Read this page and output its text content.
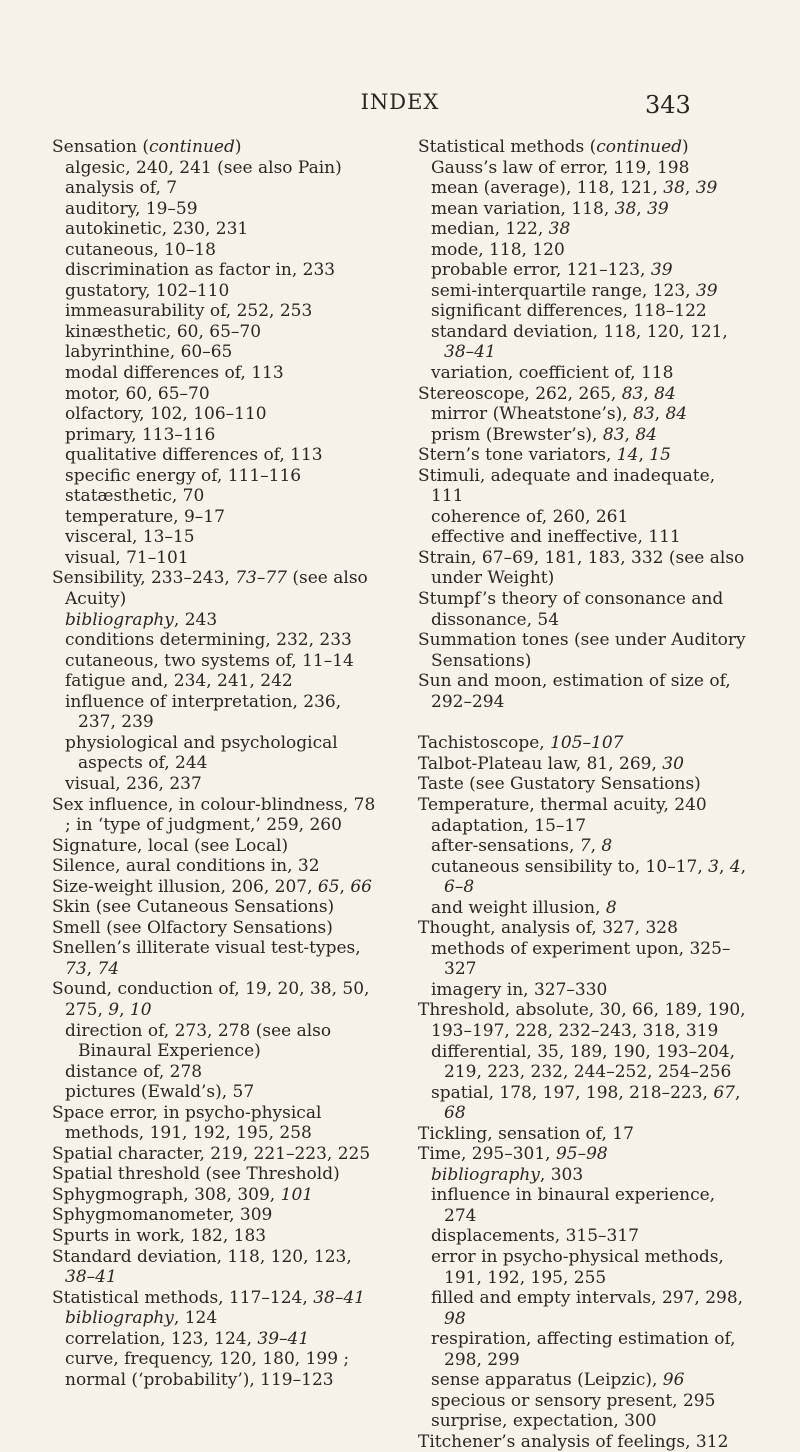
INDEX	343
Sensation (continued)
algesic, 240, 241 (see also Pain)
analysis of, 7
auditory, 19–59
autokinetic, 230, 231
cutaneous, 10–18
discrimination as factor in, 233
gustatory, 102–110
immeasurability of, 252, 253
kinæsthetic, 60, 65–70
labyrinthine, 60–65
modal differences of, 113
motor, 60, 65–70
olfactory, 102, 106–110
primary, 113–116
qualitative differences of, 113
specific energy of, 111–116
statæsthetic, 70
temperature, 9–17
visceral, 13–15
visual, 71–101
Sensibility, 233–243, 73–77 (see also Acuity)
bibliography, 243
conditions determining, 232, 233
cutaneous, two systems of, 11–14
fatigue and, 234, 241, 242
influence of interpretation, 236, 237, 239
physiological and psychological aspects of, 244
visual, 236, 237
Sex influence, in colour-blindness, 78 ; in ‘type of judgment,’ 259, 260
Signature, local (see Local)
Silence, aural conditions in, 32
Size-weight illusion, 206, 207, 65, 66
Skin (see Cutaneous Sensations)
Smell (see Olfactory Sensations)
Snellen’s illiterate visual test-types, 73, 74
Sound, conduction of, 19, 20, 38, 50, 275, 9, 10
direction of, 273, 278 (see also Binaural Experience)
distance of, 278
pictures (Ewald’s), 57
Space error, in psycho-physical methods, 191, 192, 195, 258
Spatial character, 219, 221–223, 225
Spatial threshold (see Threshold)
Sphygmograph, 308, 309, 101
Sphygmomanometer, 309
Spurts in work, 182, 183
Standard deviation, 118, 120, 123, 38–41
Statistical methods, 117–124, 38–41
bibliography, 124
correlation, 123, 124, 39–41
curve, frequency, 120, 180, 199 ;
normal (‘probability’), 119–123
Statistical methods (continued)
Gauss’s law of error, 119, 198
mean (average), 118, 121, 38, 39
mean variation, 118, 38, 39
median, 122, 38
mode, 118, 120
probable error, 121–123, 39
semi-interquartile range, 123, 39
significant differences, 118–122
standard deviation, 118, 120, 121, 38–41
variation, coefficient of, 118
Stereoscope, 262, 265, 83, 84
mirror (Wheatstone’s), 83, 84
prism (Brewster’s), 83, 84
Stern’s tone variators, 14, 15
Stimuli, adequate and inadequate, 111
coherence of, 260, 261
effective and ineffective, 111
Strain, 67–69, 181, 183, 332 (see also under Weight)
Stumpf’s theory of consonance and dissonance, 54
Summation tones (see under Auditory Sensations)
Sun and moon, estimation of size of, 292–294
Tachistoscope, 105–107
Talbot-Plateau law, 81, 269, 30
Taste (see Gustatory Sensations)
Temperature, thermal acuity, 240
adaptation, 15–17
after-sensations, 7, 8
cutaneous sensibility to, 10–17, 3, 4, 6–8
and weight illusion, 8
Thought, analysis of, 327, 328
methods of experiment upon, 325–327
imagery in, 327–330
Threshold, absolute, 30, 66, 189, 190, 193–197, 228, 232–243, 318, 319
differential, 35, 189, 190, 193–204, 219, 223, 232, 244–252, 254–256
spatial, 178, 197, 198, 218–223, 67, 68
Tickling, sensation of, 17
Time, 295–301, 95–98
bibliography, 303
influence in binaural experience, 274
displacements, 315–317
error in psycho-physical methods, 191, 192, 195, 255
filled and empty intervals, 297, 298, 98
respiration, affecting estimation of, 298, 299
sense apparatus (Leipzic), 96
specious or sensory present, 295
surprise, expectation, 300
Titchener’s analysis of feelings, 312
